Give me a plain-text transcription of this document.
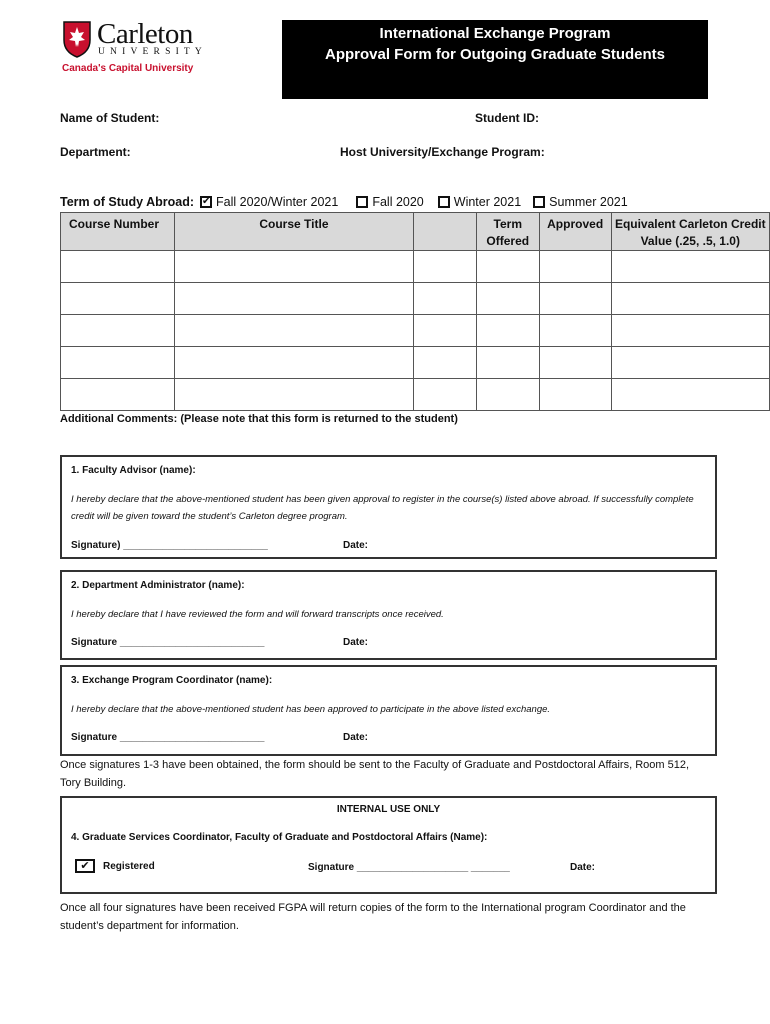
Carleton
UNIVERSITY
Canada's Capital University
International Exchange Program
Approval Form for Outgoing Graduate Students
Name of Student:	Student ID:
Department:	Host University/Exchange Program:
Term of Study Abroad: ✔ Fall 2020/Winter 2021	Fall 2020 Winter 2021 Summer 2021
Course Number	Course Title		Term Offered	Approved	Equivalent Carleton Credit Value (.25, .5, 1.0)

Additional Comments: (Please note that this form is returned to the student)
1. Faculty Advisor (name):
I hereby declare that the above-mentioned student has been given approval to register in the course(s) listed above abroad. If successfully complete credit will be given toward the student’s Carleton degree program.
Signature) __________________________	Date:
2. Department Administrator (name):
I hereby declare that I have reviewed the form and will forward transcripts once received.
Signature __________________________	Date:
3. Exchange Program Coordinator (name):
I hereby declare that the above-mentioned student has been approved to participate in the above listed exchange.
Signature __________________________	Date:
Once signatures 1-3 have been obtained, the form should be sent to the Faculty of Graduate and Postdoctoral Affairs, Room 512, Tory Building.
INTERNAL USE ONLY
4. Graduate Services Coordinator, Faculty of Graduate and Postdoctoral Affairs (Name):
✔	Registered	Signature ____________________ _______	Date:
Once all four signatures have been received FGPA will return copies of the form to the International program Coordinator and the student’s department for information.
